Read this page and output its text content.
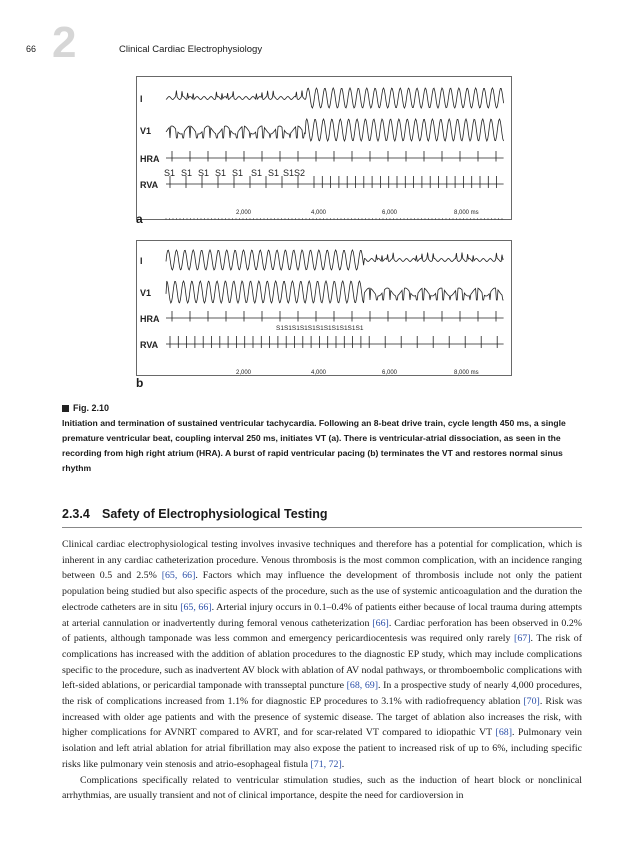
66 2	Clinical Cardiac Electrophysiology
I
V1
HRA
RVA
S1 S1 S1 S1 S1 S1 S1 S1 S2
2,000	4,000	6,000	8,000 ms
a
I
V1
HRA
RVA
S1S1S1S1S1S1S1S1S1S1S1
2,000	4,000	6,000	8,000 ms
b
Fig. 2.10
Initiation and termination of sustained ventricular tachycardia. Following an 8-beat drive train, cycle length 450 ms, a single premature ventricular beat, coupling interval 250 ms, initiates VT (a). There is ventricular-atrial dissociation, as seen in the recording from high right atrium (HRA). A burst of rapid ventricular pacing (b) terminates the VT and restores normal sinus rhythm
2.3.4 Safety of Electrophysiological Testing

Clinical cardiac electrophysiological testing involves invasive techniques and therefore has a potential for complication, which is inherent in any cardiac catheterization procedure. Venous thrombosis is the most common complication, with an incidence ranging between 0.5 and 2.5% [65, 66]. Factors which may influence the development of thrombosis include not only the patient population being studied but also specific aspects of the procedure, such as the use of systemic anticoagulation and the duration the electrode catheters are in situ [65, 66]. Arterial injury occurs in 0.1–0.4% of patients either because of local trauma during attempts at arterial cannulation or inadvertently during femoral venous catheterization [66]. Cardiac perforation has been observed in 0.2% of patients, although tamponade was less common and emergency pericardiocentesis was required only rarely [67]. The risk of complications has increased with the addition of ablation procedures to the diagnostic EP study, which may include complications specific to the procedure, such as inadvertent AV block with ablation of AV nodal pathways, or thromboembolic complications with left-sided ablations, or pericardial tamponade with transseptal puncture [68, 69]. In a prospective study of nearly 4,000 procedures, the risk of complications increased from 1.1% for diagnostic EP procedures to 3.1% with radiofrequency ablation [70]. Risk was increased with older age patients and with the presence of systemic disease. The target of ablation also increases the risk, with higher complications for AVNRT compared to AVRT, and for scar-related VT compared to idiopathic VT [68]. Pulmonary vein isolation and left atrial ablation for atrial fibrillation may also expose the patient to increased risk of up to 6%, including specific risks like pulmonary vein stenosis and atrio-esophageal fistula [71, 72].

Complications specifically related to ventricular stimulation studies, such as the induction of heart block or nonclinical arrhythmias, are usually transient and not of clinical importance, despite the need for cardioversion in
